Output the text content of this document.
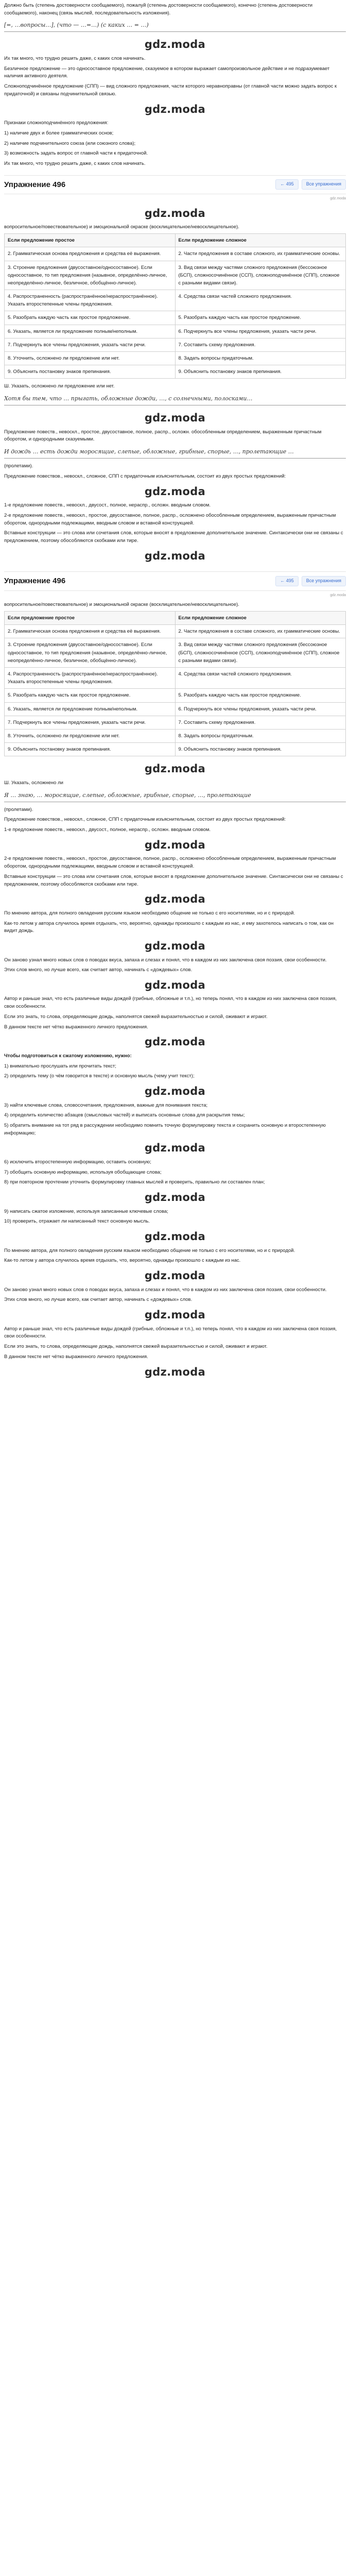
Должно быть (степень достоверности сообщаемого), пожалуй (степень достоверности сообщаемого), конечно (степень достоверности сообщаемого), наконец (связь мыслей, последовательность изложения).

[=, …вопросы…], (что — …=…) (с каких … = …)
gdz.moda

Их так много, что трудно решить даже, с каких слов начинать.

Безличное предложение — это односоставное предложение, сказуемое в котором выражает самопроизвольное действие и не подразумевает наличия активного деятеля.

Сложноподчинённое предложение (СПП) — вид сложного предложения, части которого неравноправны (от главной части можно задать вопрос к придаточной) и связаны подчинительной связью.

gdz.moda

Признаки сложноподчинённого предложения:

1) наличие двух и более грамматических основ;

2) наличие подчинительного союза (или союзного слова);

3) возможность задать вопрос от главной части к придаточной.

Их так много, что трудно решить даже, с каких слов начинать.

Упражнение 496	← 495	Все упражнения
gdz.moda
gdz.moda

вопросительное/повествовательное) и эмоциональной окраске (восклицательное/невосклицательное).

Если предложение простое	Если предложение сложное
2. Грамматическая основа предложения и средства её выражения.	2. Части предложения в составе сложного, их грамматические основы.
3. Строение предложения (двусоставное/односоставное). Если односоставное, то тип предложения (назывное, определённо-личное, неопределённо-личное, безличное, обобщённо-личное).	3. Вид связи между частями сложного предложения (бессоюзное (БСП), сложносочинённое (ССП), сложноподчинённое (СПП), сложное с разными видами связи).
4. Распространенность (распространённое/нераспространённое). Указать второстепенные члены предложения.	4. Средства связи частей сложного предложения.
5. Разобрать каждую часть как простое предложение.	5. Разобрать каждую часть как простое предложение.
6. Указать, является ли предложение полным/неполным.	6. Подчеркнуть все члены предложения, указать части речи.
7. Подчеркнуть все члены предложения, указать части речи.	7. Составить схему предложения.
8. Уточнить, осложнено ли предложение или нет.	8. Задать вопросы придаточным.
9. Объяснить постановку знаков препинания.	9. Объяснить постановку знаков препинания.

Ш. Указать, осложнено ли предложение или нет.

Хотя бы тем, что … прыгать, обложные дожди, …, с солнечными, полосками…
gdz.moda

Предложение повеств., невоскл., простое, двусоставное, полное, распр., осложн. обособленным определением, выраженным причастным оборотом, и однородными сказуемыми.

И дождь … есть дожди моросящие, слепые, обложные, грибные, спорые, …, пролетающие …

(пролетами).

Предложение повествов., невоскл., сложное, СПП с придаточным изъяснительным, состоит из двух простых предложений:

gdz.moda

1-е предложение повеств., невоскл., двусост., полное, нераспр., осложн. вводным словом.

2-е предложение повеств., невоскл., простое, двусоставное, полное, распр., осложнено обособленным определением, выраженным причастным оборотом, однородными подлежащими, вводным словом и вставной конструкцией.

Вставные конструкции — это слова или сочетания слов, которые вносят в предложение дополнительное значение. Синтаксически они не связаны с предложением, поэтому обособляются скобками или тире.

gdz.moda
Упражнение 496	← 495	Все упражнения
gdz.moda

вопросительное/повествовательное) и эмоциональной окраске (восклицательное/невосклицательное).

Если предложение простое	Если предложение сложное
2. Грамматическая основа предложения и средства её выражения.	2. Части предложения в составе сложного, их грамматические основы.
3. Строение предложения (двусоставное/односоставное). Если односоставное, то тип предложения (назывное, определённо-личное, неопределённо-личное, безличное, обобщённо-личное).	3. Вид связи между частями сложного предложения (бессоюзное (БСП), сложносочинённое (ССП), сложноподчинённое (СПП), сложное с разными видами связи).
4. Распространенность (распространённое/нераспространённое). Указать второстепенные члены предложения.	4. Средства связи частей сложного предложения.
5. Разобрать каждую часть как простое предложение.	5. Разобрать каждую часть как простое предложение.
6. Указать, является ли предложение полным/неполным.	6. Подчеркнуть все члены предложения, указать части речи.
7. Подчеркнуть все члены предложения, указать части речи.	7. Составить схему предложения.
8. Уточнить, осложнено ли предложение или нет.	8. Задать вопросы придаточным.
9. Объяснить постановку знаков препинания.	9. Объяснить постановку знаков препинания.
gdz.moda

Ш. Указать, осложнено ли

Я … знаю, … моросящие, слепые, обложные, грибные, спорые, …, пролетающие

(пролетами).

Предложение повествов., невоскл., сложное, СПП с придаточным изъяснительным, состоит из двух простых предложений:

1-е предложение повеств., невоскл., двусост., полное, нераспр., осложн. вводным словом.

gdz.moda

2-е предложение повеств., невоскл., простое, двусоставное, полное, распр., осложнено обособленным определением, выраженным причастным оборотом, однородными подлежащими, вводным словом и вставной конструкцией.

Вставные конструкции — это слова или сочетания слов, которые вносят в предложение дополнительное значение. Синтаксически они не связаны с предложением, поэтому обособляются скобками или тире.

gdz.moda

По мнению автора, для полного овладения русским языком необходимо общение не только с его носителями, но и с природой.

Как-то летом у автора случилось время отдыхать, что, вероятно, однажды произошло с каждым из нас, и ему захотелось написать о том, как он видит дождь.

gdz.moda

Он заново узнал много новых слов о поводах вкуса, запаха и слезах и понял, что в каждом из них заключена своя поэзия, свои особенности.

Этих слов много, но лучше всего, как считает автор, начинать с «дождевых» слов.

gdz.moda

Автор и раньше знал, что есть различные виды дождей (грибные, обложные и т.п.), но теперь понял, что в каждом из них заключена своя поэзия, свои особенности.

Если это знать, то слова, определяющие дождь, наполнятся свежей выразительностью и силой, оживают и играют.

В данном тексте нет чётко выраженного личного предложения.

gdz.moda

Чтобы подготовиться к сжатому изложению, нужно:

1) внимательно прослушать или прочитать текст;

2) определить тему (о чём говорится в тексте) и основную мысль (чему учит текст);

gdz.moda

3) найти ключевые слова, словосочетания, предложения, важные для понимания текста;

4) определить количество абзацев (смысловых частей) и выписать основные слова для раскрытия темы;

5) обратить внимание на тот ряд в рассуждении необходимо помнить точную формулировку текста и сохранить основную и второстепенную информацию;

gdz.moda

6) исключить второстепенную информацию, оставить основную;

7) обобщить основную информацию, используя обобщающие слова;

8) при повторном прочтении уточнить формулировку главных мыслей и проверить, правильно ли составлен план;

gdz.moda

9) написать сжатое изложение, используя записанные ключевые слова;

10) проверить, отражает ли написанный текст основную мысль.

gdz.moda

По мнению автора, для полного овладения русским языком необходимо общение не только с его носителями, но и с природой.

Как-то летом у автора случилось время отдыхать, что, вероятно, однажды произошло с каждым из нас.

gdz.moda

Он заново узнал много новых слов о поводах вкуса, запаха и слезах и понял, что в каждом из них заключена своя поэзия, свои особенности.

Этих слов много, но лучше всего, как считает автор, начинать с «дождевых» слов.

gdz.moda

Автор и раньше знал, что есть различные виды дождей (грибные, обложные и т.п.), но теперь понял, что в каждом из них заключена своя поэзия, свои особенности.

Если это знать, то слова, определяющие дождь, наполнятся свежей выразительностью и силой, оживают и играют.

В данном тексте нет чётко выраженного личного предложения.

gdz.moda
